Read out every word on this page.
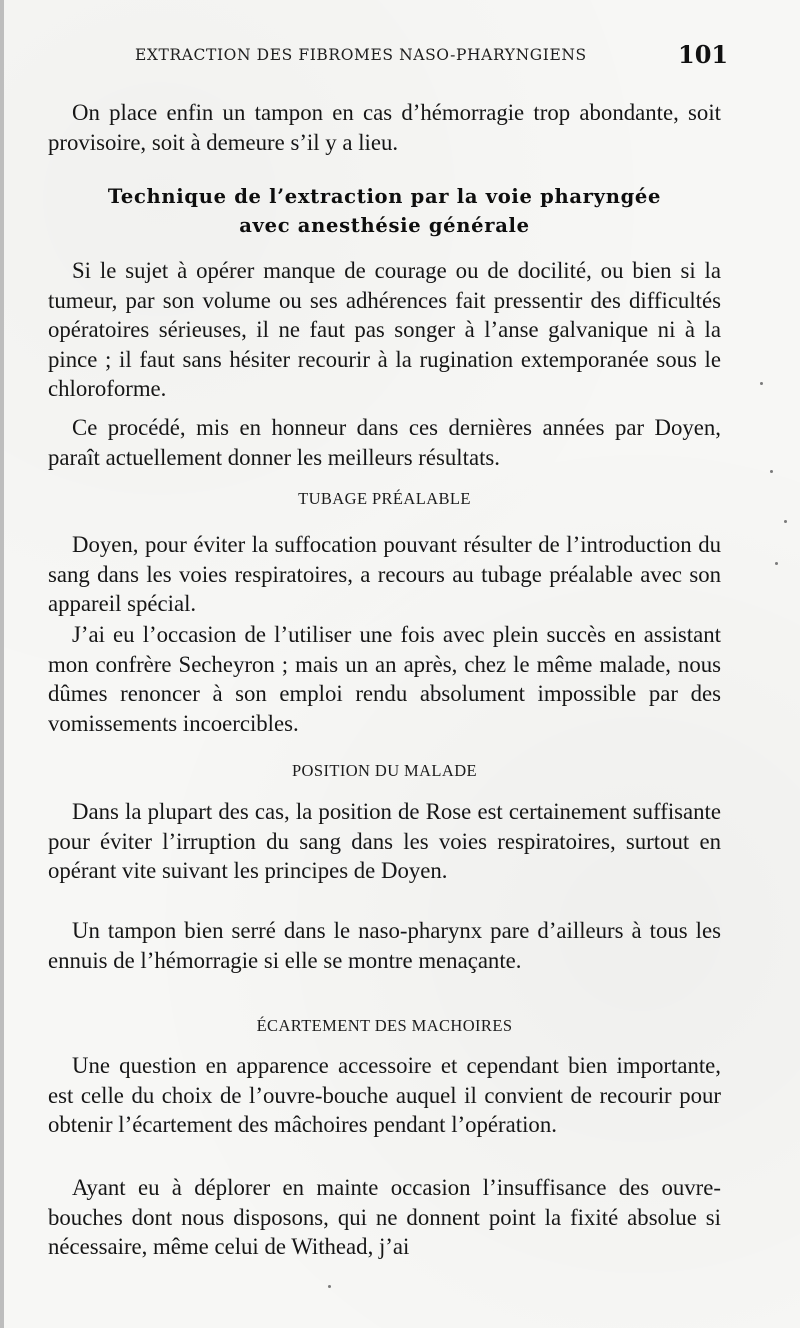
EXTRACTION DES FIBROMES NASO-PHARYNGIENS	101

On place enfin un tampon en cas d’hémorragie trop abondante, soit provisoire, soit à demeure s’il y a lieu.

Technique de l’extraction par la voie pharyngée

avec anesthésie générale

Si le sujet à opérer manque de courage ou de docilité, ou bien si la tumeur, par son volume ou ses adhérences fait pressentir des difficultés opératoires sérieuses, il ne faut pas songer à l’anse galvanique ni à la pince ; il faut sans hésiter recourir à la rugination extemporanée sous le chloroforme.

Ce procédé, mis en honneur dans ces dernières années par Doyen, paraît actuellement donner les meilleurs résultats.

TUBAGE PRÉALABLE

Doyen, pour éviter la suffocation pouvant résulter de l’introduction du sang dans les voies respiratoires, a recours au tubage préalable avec son appareil spécial.

J’ai eu l’occasion de l’utiliser une fois avec plein succès en assistant mon confrère Secheyron ; mais un an après, chez le même malade, nous dûmes renoncer à son emploi rendu absolument impossible par des vomissements incoercibles.

POSITION DU MALADE

Dans la plupart des cas, la position de Rose est certainement suffisante pour éviter l’irruption du sang dans les voies respiratoires, surtout en opérant vite suivant les principes de Doyen.

Un tampon bien serré dans le naso-pharynx pare d’ailleurs à tous les ennuis de l’hémorragie si elle se montre menaçante.

ÉCARTEMENT DES MACHOIRES

Une question en apparence accessoire et cependant bien importante, est celle du choix de l’ouvre-bouche auquel il convient de recourir pour obtenir l’écartement des mâchoires pendant l’opération.

Ayant eu à déplorer en mainte occasion l’insuffisance des ouvre-bouches dont nous disposons, qui ne donnent point la fixité absolue si nécessaire, même celui de Withead, j’ai
